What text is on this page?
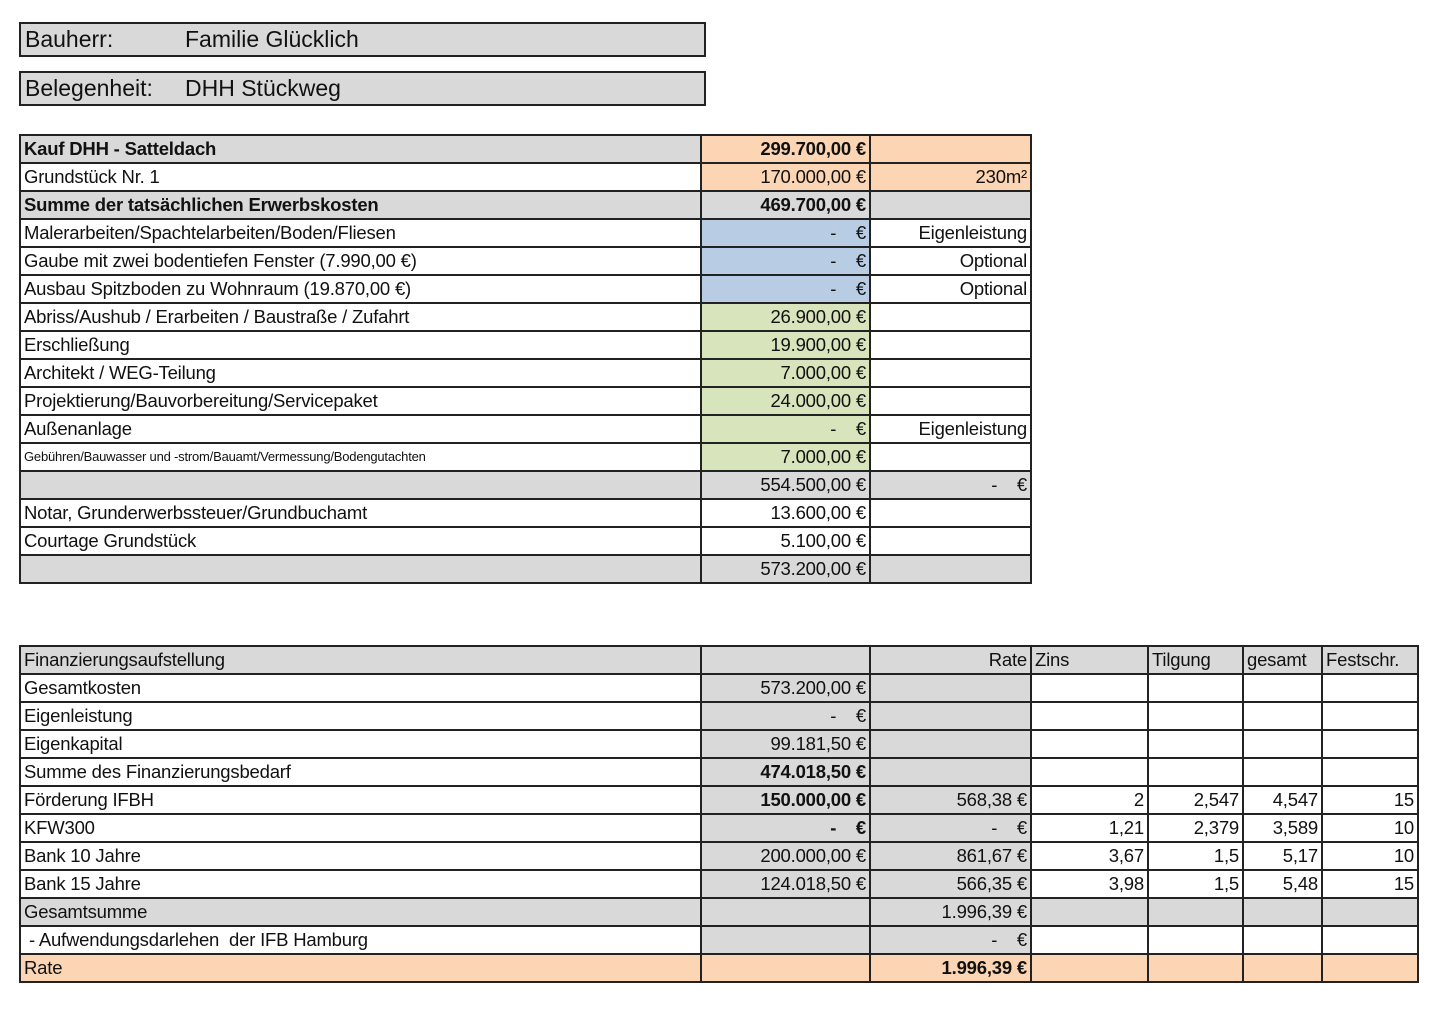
Bauherr:	Familie Glücklich
Belegenheit: DHH Stückweg
Kauf DHH - Satteldach	299.700,00 €	
Grundstück Nr. 1	170.000,00 €	230m²
Summe der tatsächlichen Erwerbskosten	469.700,00 €	
Malerarbeiten/Spachtelarbeiten/Boden/Fliesen	-    €	Eigenleistung
Gaube mit zwei bodentiefen Fenster (7.990,00 €)	-    €	Optional
Ausbau Spitzboden zu Wohnraum (19.870,00 €)	-    €	Optional
Abriss/Aushub / Erarbeiten / Baustraße / Zufahrt	26.900,00 €	
Erschließung	19.900,00 €	
Architekt / WEG-Teilung	7.000,00 €	
Projektierung/Bauvorbereitung/Servicepaket	24.000,00 €	
Außenanlage	-    €	Eigenleistung
Gebühren/Bauwasser und -strom/Bauamt/Vermessung/Bodengutachten	7.000,00 €	
	554.500,00 €	-    €
Notar, Grunderwerbssteuer/Grundbuchamt	13.600,00 €	
Courtage Grundstück	5.100,00 €	
	573.200,00 €	
Finanzierungsaufstellung		Rate	Zins	Tilgung	gesamt	Festschr.
Gesamtkosten	573.200,00 €					
Eigenleistung	-    €					
Eigenkapital	99.181,50 €					
Summe des Finanzierungsbedarf	474.018,50 €					
Förderung IFBH	150.000,00 €	568,38 €	2	2,547	4,547	15
KFW300	-    €	-    €	1,21	2,379	3,589	10
Bank 10 Jahre	200.000,00 €	861,67 €	3,67	1,5	5,17	10
Bank 15 Jahre	124.018,50 €	566,35 €	3,98	1,5	5,48	15
Gesamtsumme		1.996,39 €				
- Aufwendungsdarlehen  der IFB Hamburg		-    €				
Rate		1.996,39 €				
